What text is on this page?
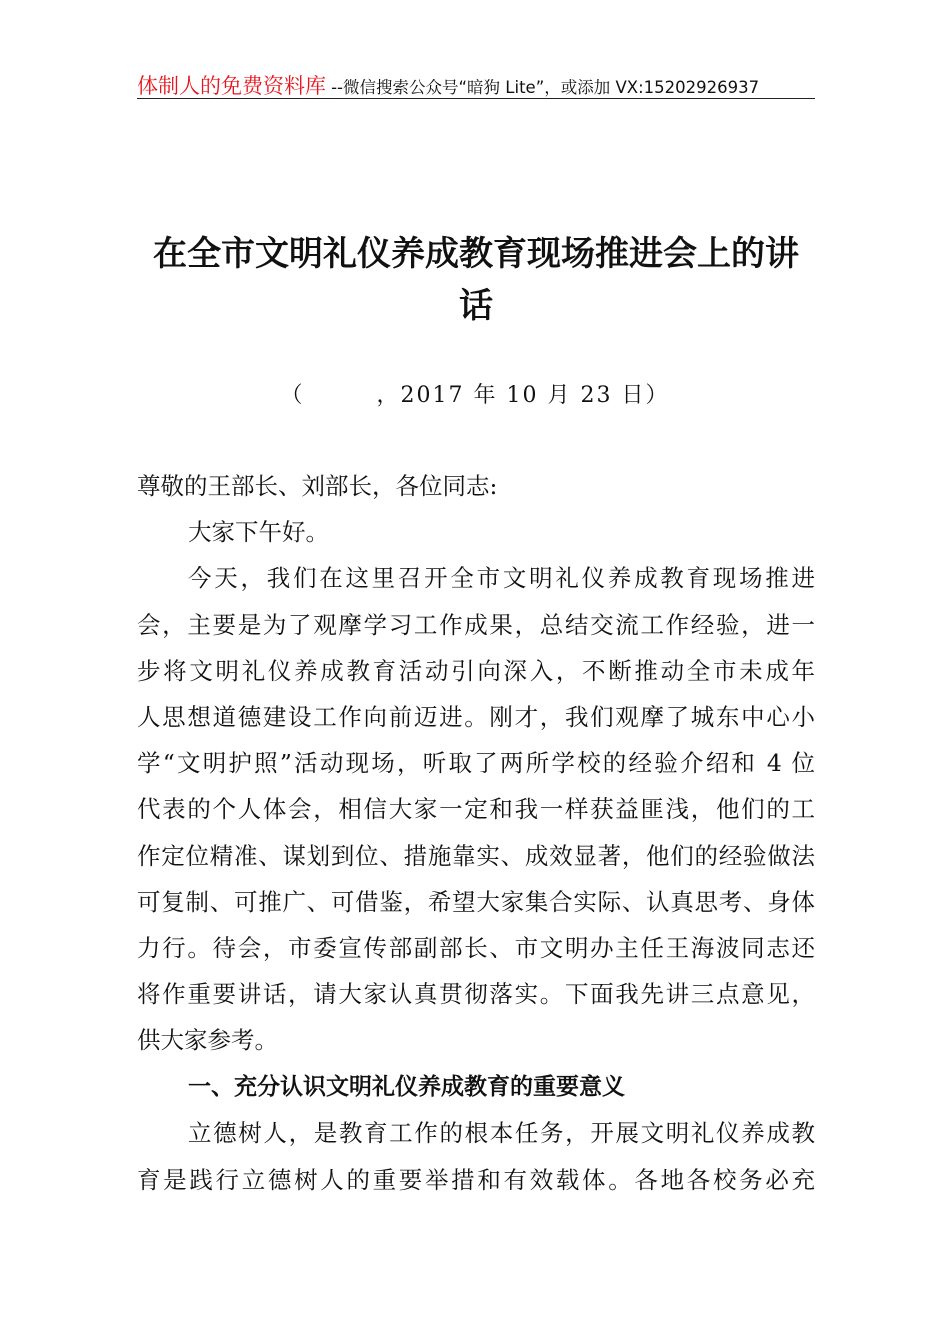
体制人的免费资料库 --微信搜索公众号“暗狗 Lite”，或添加 VX:15202926937
在全市文明礼仪养成教育现场推进会上的讲
话
（　　　，2017 年 10 月 23 日）
尊敬的王部长、刘部长，各位同志:
大家下午好。
今天，我们在这里召开全市文明礼仪养成教育现场推进
会，主要是为了观摩学习工作成果，总结交流工作经验，进一
步将文明礼仪养成教育活动引向深入，不断推动全市未成年
人思想道德建设工作向前迈进。刚才，我们观摩了城东中心小
学“文明护照”活动现场，听取了两所学校的经验介绍和 4 位
代表的个人体会，相信大家一定和我一样获益匪浅，他们的工
作定位精准、谋划到位、措施靠实、成效显著，他们的经验做法
可复制、可推广、可借鉴，希望大家集合实际、认真思考、身体
力行。待会，市委宣传部副部长、市文明办主任王海波同志还
将作重要讲话，请大家认真贯彻落实。下面我先讲三点意见，
供大家参考。
一、充分认识文明礼仪养成教育的重要意义
立德树人，是教育工作的根本任务，开展文明礼仪养成教
育是践行立德树人的重要举措和有效载体。各地各校务必充
